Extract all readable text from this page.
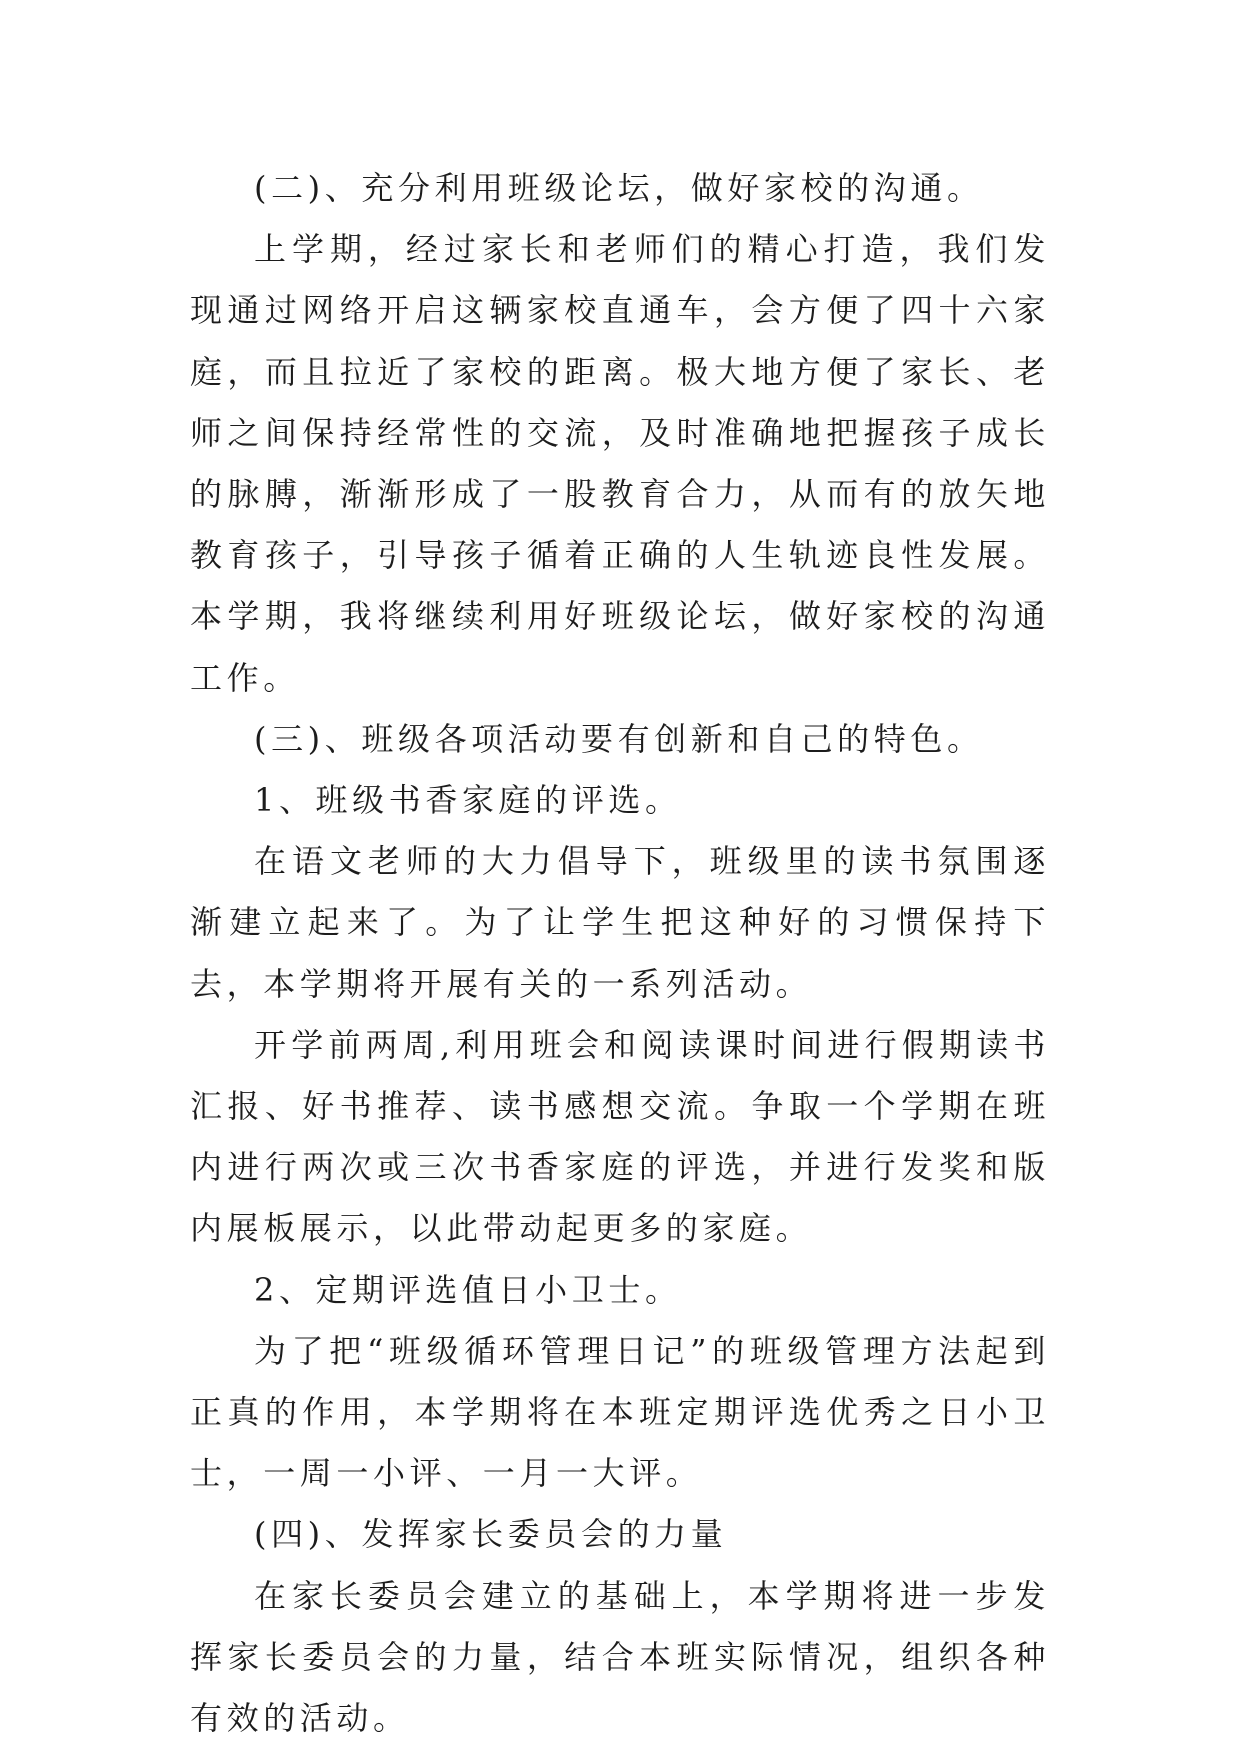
(二)、充分利用班级论坛，做好家校的沟通。

上学期，经过家长和老师们的精心打造，我们发现通过网络开启这辆家校直通车，会方便了四十六家庭，而且拉近了家校的距离。极大地方便了家长、老师之间保持经常性的交流，及时准确地把握孩子成长的脉膊，渐渐形成了一股教育合力，从而有的放矢地教育孩子，引导孩子循着正确的人生轨迹良性发展。本学期，我将继续利用好班级论坛，做好家校的沟通工作。

(三)、班级各项活动要有创新和自己的特色。

1、班级书香家庭的评选。

在语文老师的大力倡导下，班级里的读书氛围逐渐建立起来了。为了让学生把这种好的习惯保持下去，本学期将开展有关的一系列活动。

开学前两周,利用班会和阅读课时间进行假期读书汇报、好书推荐、读书感想交流。争取一个学期在班内进行两次或三次书香家庭的评选，并进行发奖和版内展板展示，以此带动起更多的家庭。

2、定期评选值日小卫士。

为了把“班级循环管理日记”的班级管理方法起到正真的作用，本学期将在本班定期评选优秀之日小卫士，一周一小评、一月一大评。

(四)、发挥家长委员会的力量

在家长委员会建立的基础上，本学期将进一步发挥家长委员会的力量，结合本班实际情况，组织各种有效的活动。
